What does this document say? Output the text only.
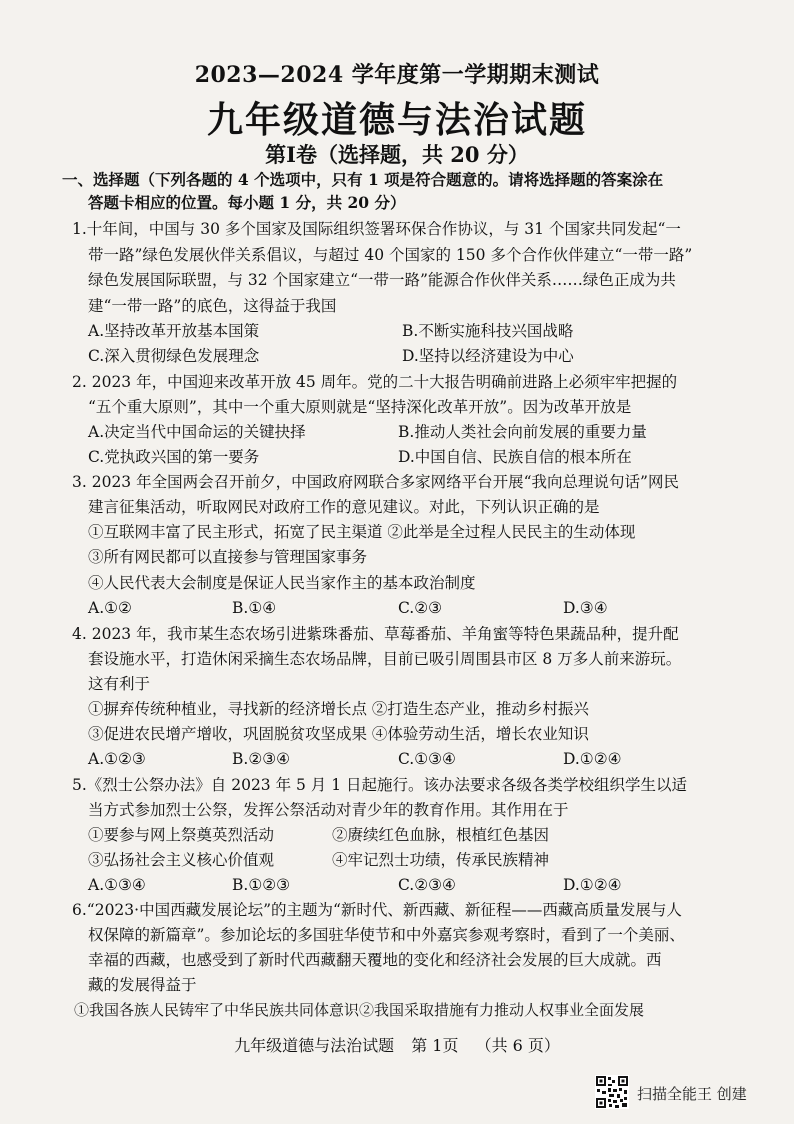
2023—2024 学年度第一学期期末测试
九年级道德与法治试题
第Ⅰ卷（选择题，共 20 分）
一、选择题（下列各题的 4 个选项中，只有 1 项是符合题意的。请将选择题的答案涂在
答题卡相应的位置。每小题 1 分，共 20 分）
1.十年间，中国与 30 多个国家及国际组织签署环保合作协议，与 31 个国家共同发起“一
带一路”绿色发展伙伴关系倡议，与超过 40 个国家的 150 多个合作伙伴建立“一带一路”
绿色发展国际联盟，与 32 个国家建立“一带一路”能源合作伙伴关系……绿色正成为共
建“一带一路”的底色，这得益于我国
A.坚持改革开放基本国策	B.不断实施科技兴国战略
C.深入贯彻绿色发展理念	D.坚持以经济建设为中心
2. 2023 年，中国迎来改革开放 45 周年。党的二十大报告明确前进路上必须牢牢把握的
“五个重大原则”，其中一个重大原则就是“坚持深化改革开放”。因为改革开放是
A.决定当代中国命运的关键抉择	B.推动人类社会向前发展的重要力量
C.党执政兴国的第一要务	D.中国自信、民族自信的根本所在
3. 2023 年全国两会召开前夕，中国政府网联合多家网络平台开展“我向总理说句话”网民
建言征集活动，听取网民对政府工作的意见建议。对此，下列认识正确的是
①互联网丰富了民主形式，拓宽了民主渠道 ②此举是全过程人民民主的生动体现
③所有网民都可以直接参与管理国家事务
④人民代表大会制度是保证人民当家作主的基本政治制度
A.①②	B.①④	C.②③	D.③④
4. 2023 年，我市某生态农场引进紫珠番茄、草莓番茄、羊角蜜等特色果蔬品种，提升配
套设施水平，打造休闲采摘生态农场品牌，目前已吸引周围县市区 8 万多人前来游玩。
这有利于
①摒弃传统种植业，寻找新的经济增长点 ②打造生态产业，推动乡村振兴
③促进农民增产增收，巩固脱贫攻坚成果 ④体验劳动生活，增长农业知识
A.①②③	B.②③④	C.①③④	D.①②④
5.《烈士公祭办法》自 2023 年 5 月 1 日起施行。该办法要求各级各类学校组织学生以适
当方式参加烈士公祭，发挥公祭活动对青少年的教育作用。其作用在于
①要参与网上祭奠英烈活动	②赓续红色血脉，根植红色基因
③弘扬社会主义核心价值观	④牢记烈士功绩，传承民族精神
A.①③④	B.①②③	C.②③④	D.①②④
6.“2023·中国西藏发展论坛”的主题为“新时代、新西藏、新征程——西藏高质量发展与人
权保障的新篇章”。参加论坛的多国驻华使节和中外嘉宾参观考察时，看到了一个美丽、
幸福的西藏，也感受到了新时代西藏翻天覆地的变化和经济社会发展的巨大成就。西
藏的发展得益于
①我国各族人民铸牢了中华民族共同体意识②我国采取措施有力推动人权事业全面发展
九年级道德与法治试题 第 1页 （共 6 页）
扫描全能王 创建
